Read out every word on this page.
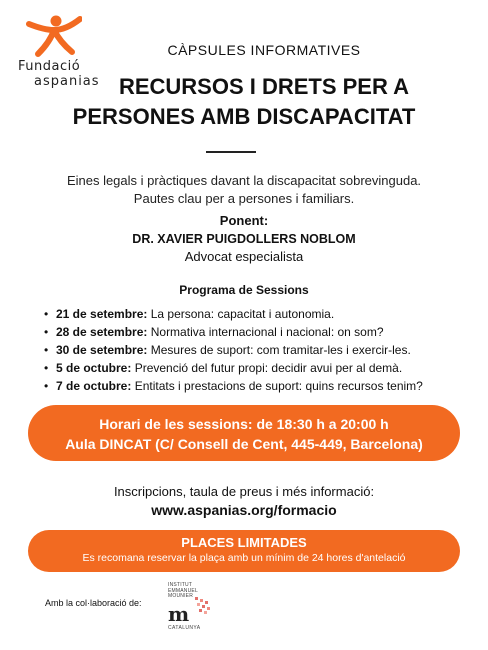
Fundació
aspanias
CÀPSULES INFORMATIVES
RECURSOS I DRETS PER A
PERSONES AMB DISCAPACITAT
Eines legals i pràctiques davant la discapacitat sobrevinguda.
Pautes clau per a persones i familiars.
Ponent:
DR. XAVIER PUIGDOLLERS NOBLOM
Advocat especialista
Programa de Sessions
• 21 de setembre: La persona: capacitat i autonomia.
• 28 de setembre: Normativa internacional i nacional: on som?
• 30 de setembre: Mesures de suport: com tramitar-les i exercir-les.
• 5 de octubre: Prevenció del futur propi: decidir avui per al demà.
• 7 de octubre: Entitats i prestacions de suport: quins recursos tenim?
Horari de les sessions: de 18:30 h a 20:00 h
Aula DINCAT (C/ Consell de Cent, 445-449, Barcelona)
Inscripcions, taula de preus i més informació:
www.aspanias.org/formacio
PLACES LIMITADES
Es recomana reservar la plaça amb un mínim de 24 hores d'antelació
Amb la col·laboració de:
INSTITUT
EMMANUEL
MOUNIER
m
CATALUNYA
